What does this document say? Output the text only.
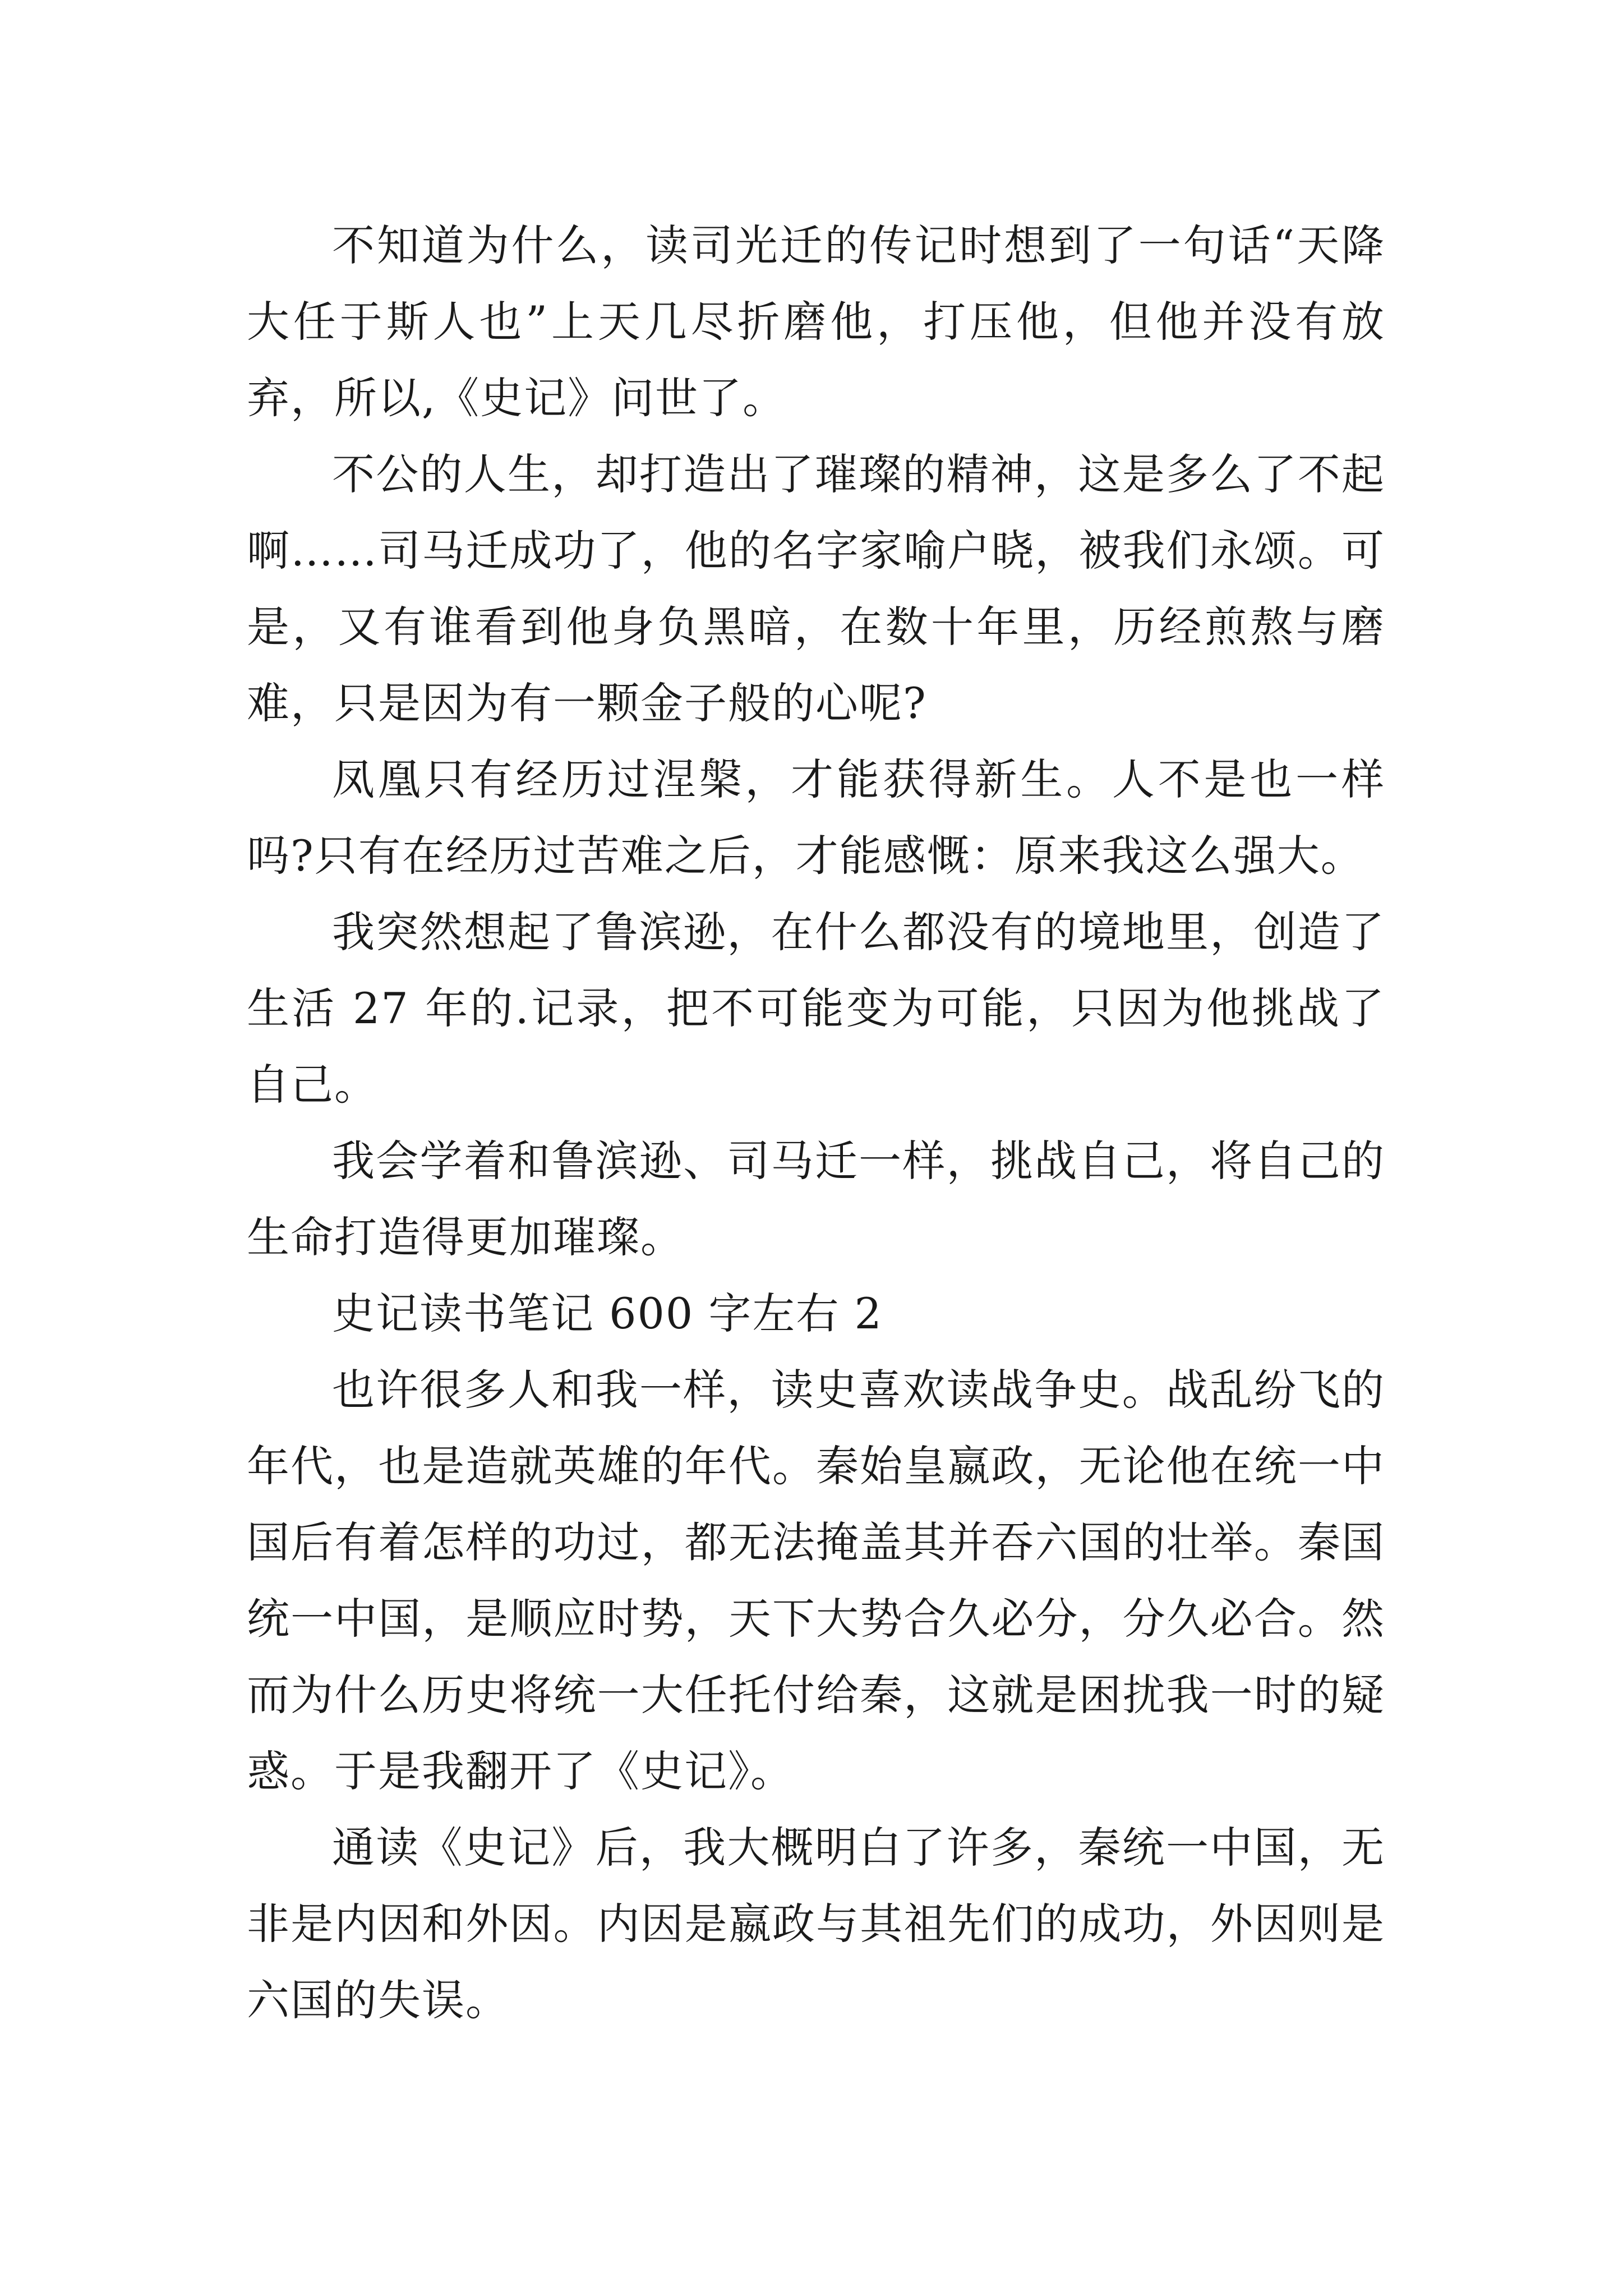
不知道为什么，读司光迁的传记时想到了一句话“天降大任于斯人也”上天几尽折磨他，打压他，但他并没有放弃，所以,《史记》问世了。

不公的人生，却打造出了璀璨的精神，这是多么了不起啊……司马迁成功了，他的名字家喻户晓，被我们永颂。可是，又有谁看到他身负黑暗，在数十年里，历经煎熬与磨难，只是因为有一颗金子般的心呢?

凤凰只有经历过涅槃，才能获得新生。人不是也一样吗?只有在经历过苦难之后，才能感慨：原来我这么强大。

我突然想起了鲁滨逊，在什么都没有的境地里，创造了生活 27 年的.记录，把不可能变为可能，只因为他挑战了自己。

我会学着和鲁滨逊、司马迁一样，挑战自己，将自己的生命打造得更加璀璨。

史记读书笔记 600 字左右 2

也许很多人和我一样，读史喜欢读战争史。战乱纷飞的年代，也是造就英雄的年代。秦始皇嬴政，无论他在统一中国后有着怎样的功过，都无法掩盖其并吞六国的壮举。秦国统一中国，是顺应时势，天下大势合久必分，分久必合。然而为什么历史将统一大任托付给秦，这就是困扰我一时的疑惑。于是我翻开了《史记》。

通读《史记》后，我大概明白了许多，秦统一中国，无非是内因和外因。内因是嬴政与其祖先们的成功，外因则是六国的失误。
